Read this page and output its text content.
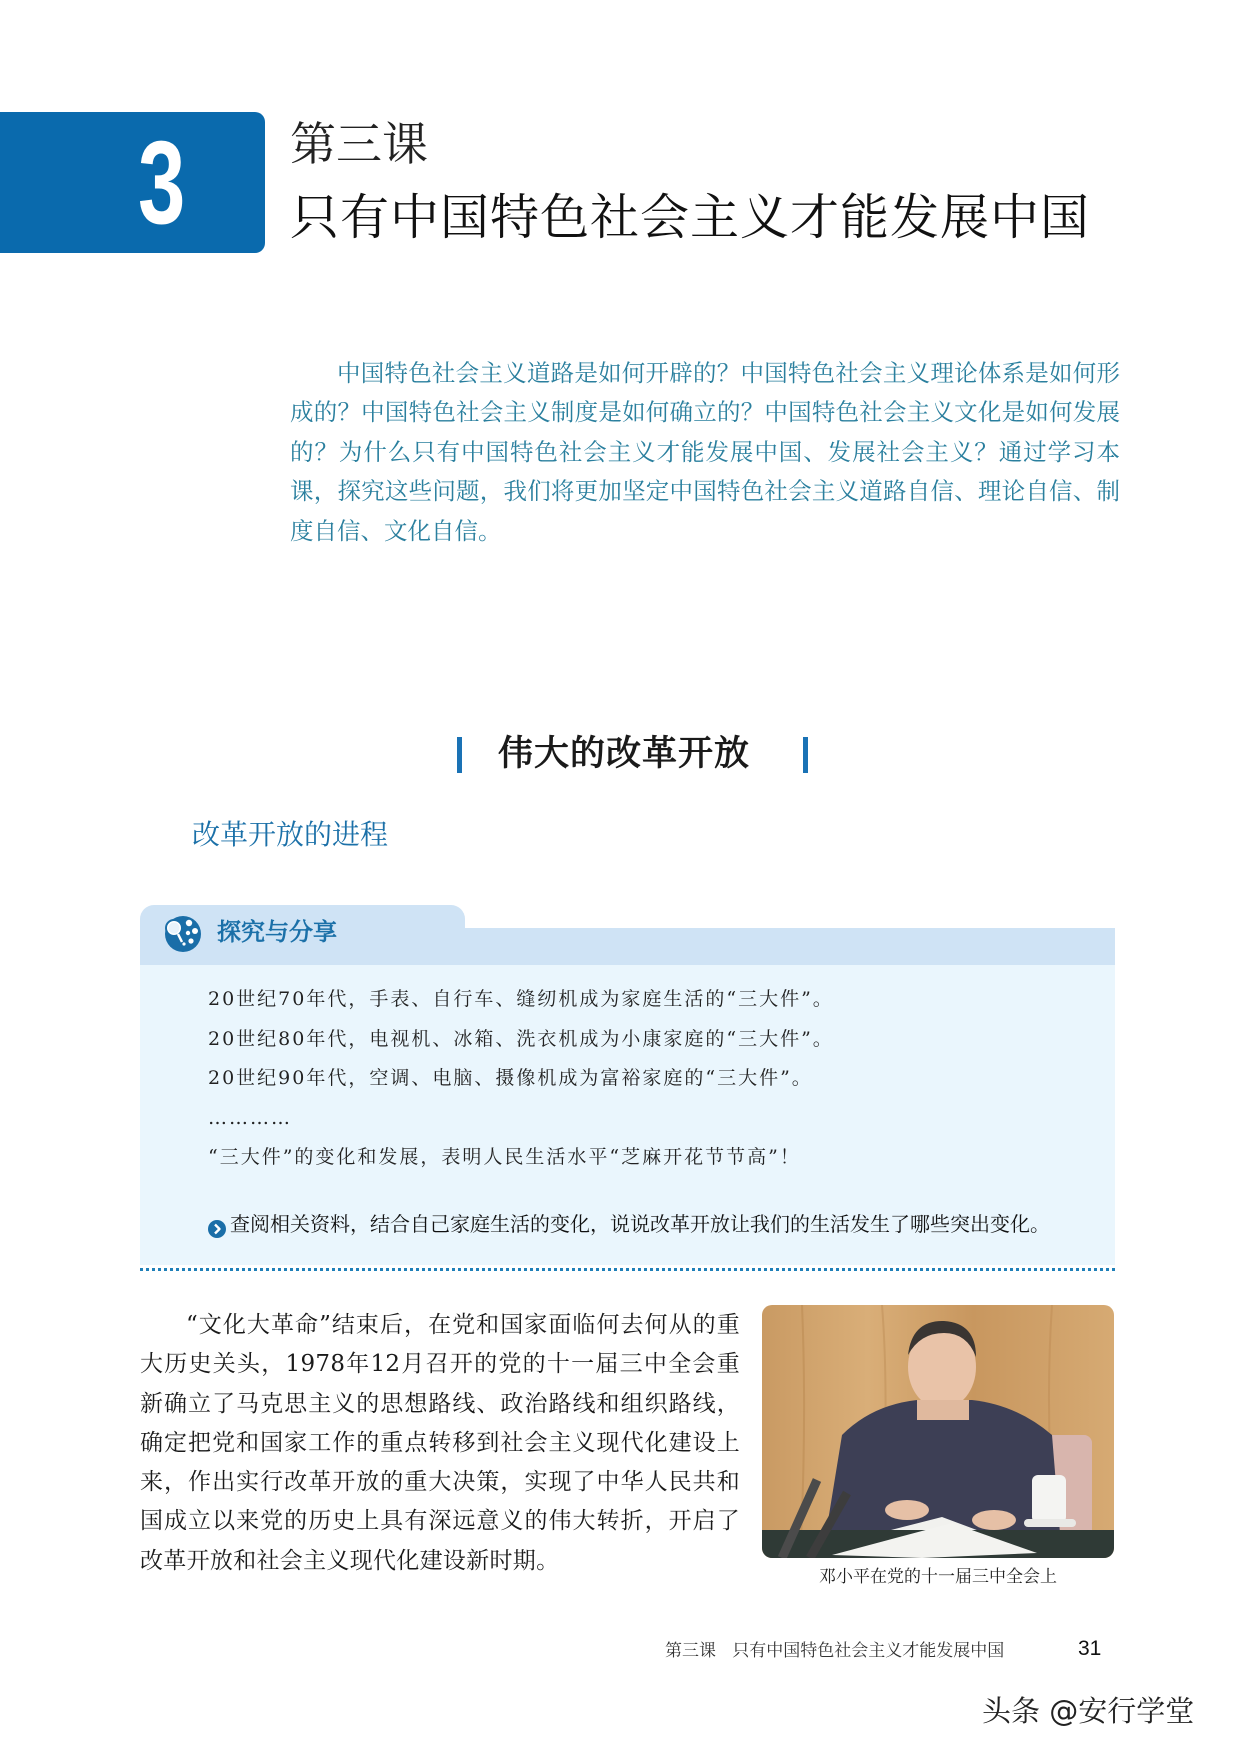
3 第三课
只有中国特色社会主义才能发展中国
中国特色社会主义道路是如何开辟的？中国特色社会主义理论体系是如何形成的？中国特色社会主义制度是如何确立的？中国特色社会主义文化是如何发展的？为什么只有中国特色社会主义才能发展中国、发展社会主义？通过学习本课，探究这些问题，我们将更加坚定中国特色社会主义道路自信、理论自信、制度自信、文化自信。
伟大的改革开放
改革开放的进程
探究与分享
20世纪70年代，手表、自行车、缝纫机成为家庭生活的“三大件”。
20世纪80年代，电视机、冰箱、洗衣机成为小康家庭的“三大件”。
20世纪90年代，空调、电脑、摄像机成为富裕家庭的“三大件”。
…………
“三大件”的变化和发展，表明人民生活水平“芝麻开花节节高”！
查阅相关资料，结合自己家庭生活的变化，说说改革开放让我们的生活发生了哪些突出变化。
“文化大革命”结束后，在党和国家面临何去何从的重大历史关头，1978年12月召开的党的十一届三中全会重新确立了马克思主义的思想路线、政治路线和组织路线，确定把党和国家工作的重点转移到社会主义现代化建设上来，作出实行改革开放的重大决策，实现了中华人民共和国成立以来党的历史上具有深远意义的伟大转折，开启了改革开放和社会主义现代化建设新时期。
邓小平在党的十一届三中全会上
第三课   只有中国特色社会主义才能发展中国	31
头条 @安行学堂
